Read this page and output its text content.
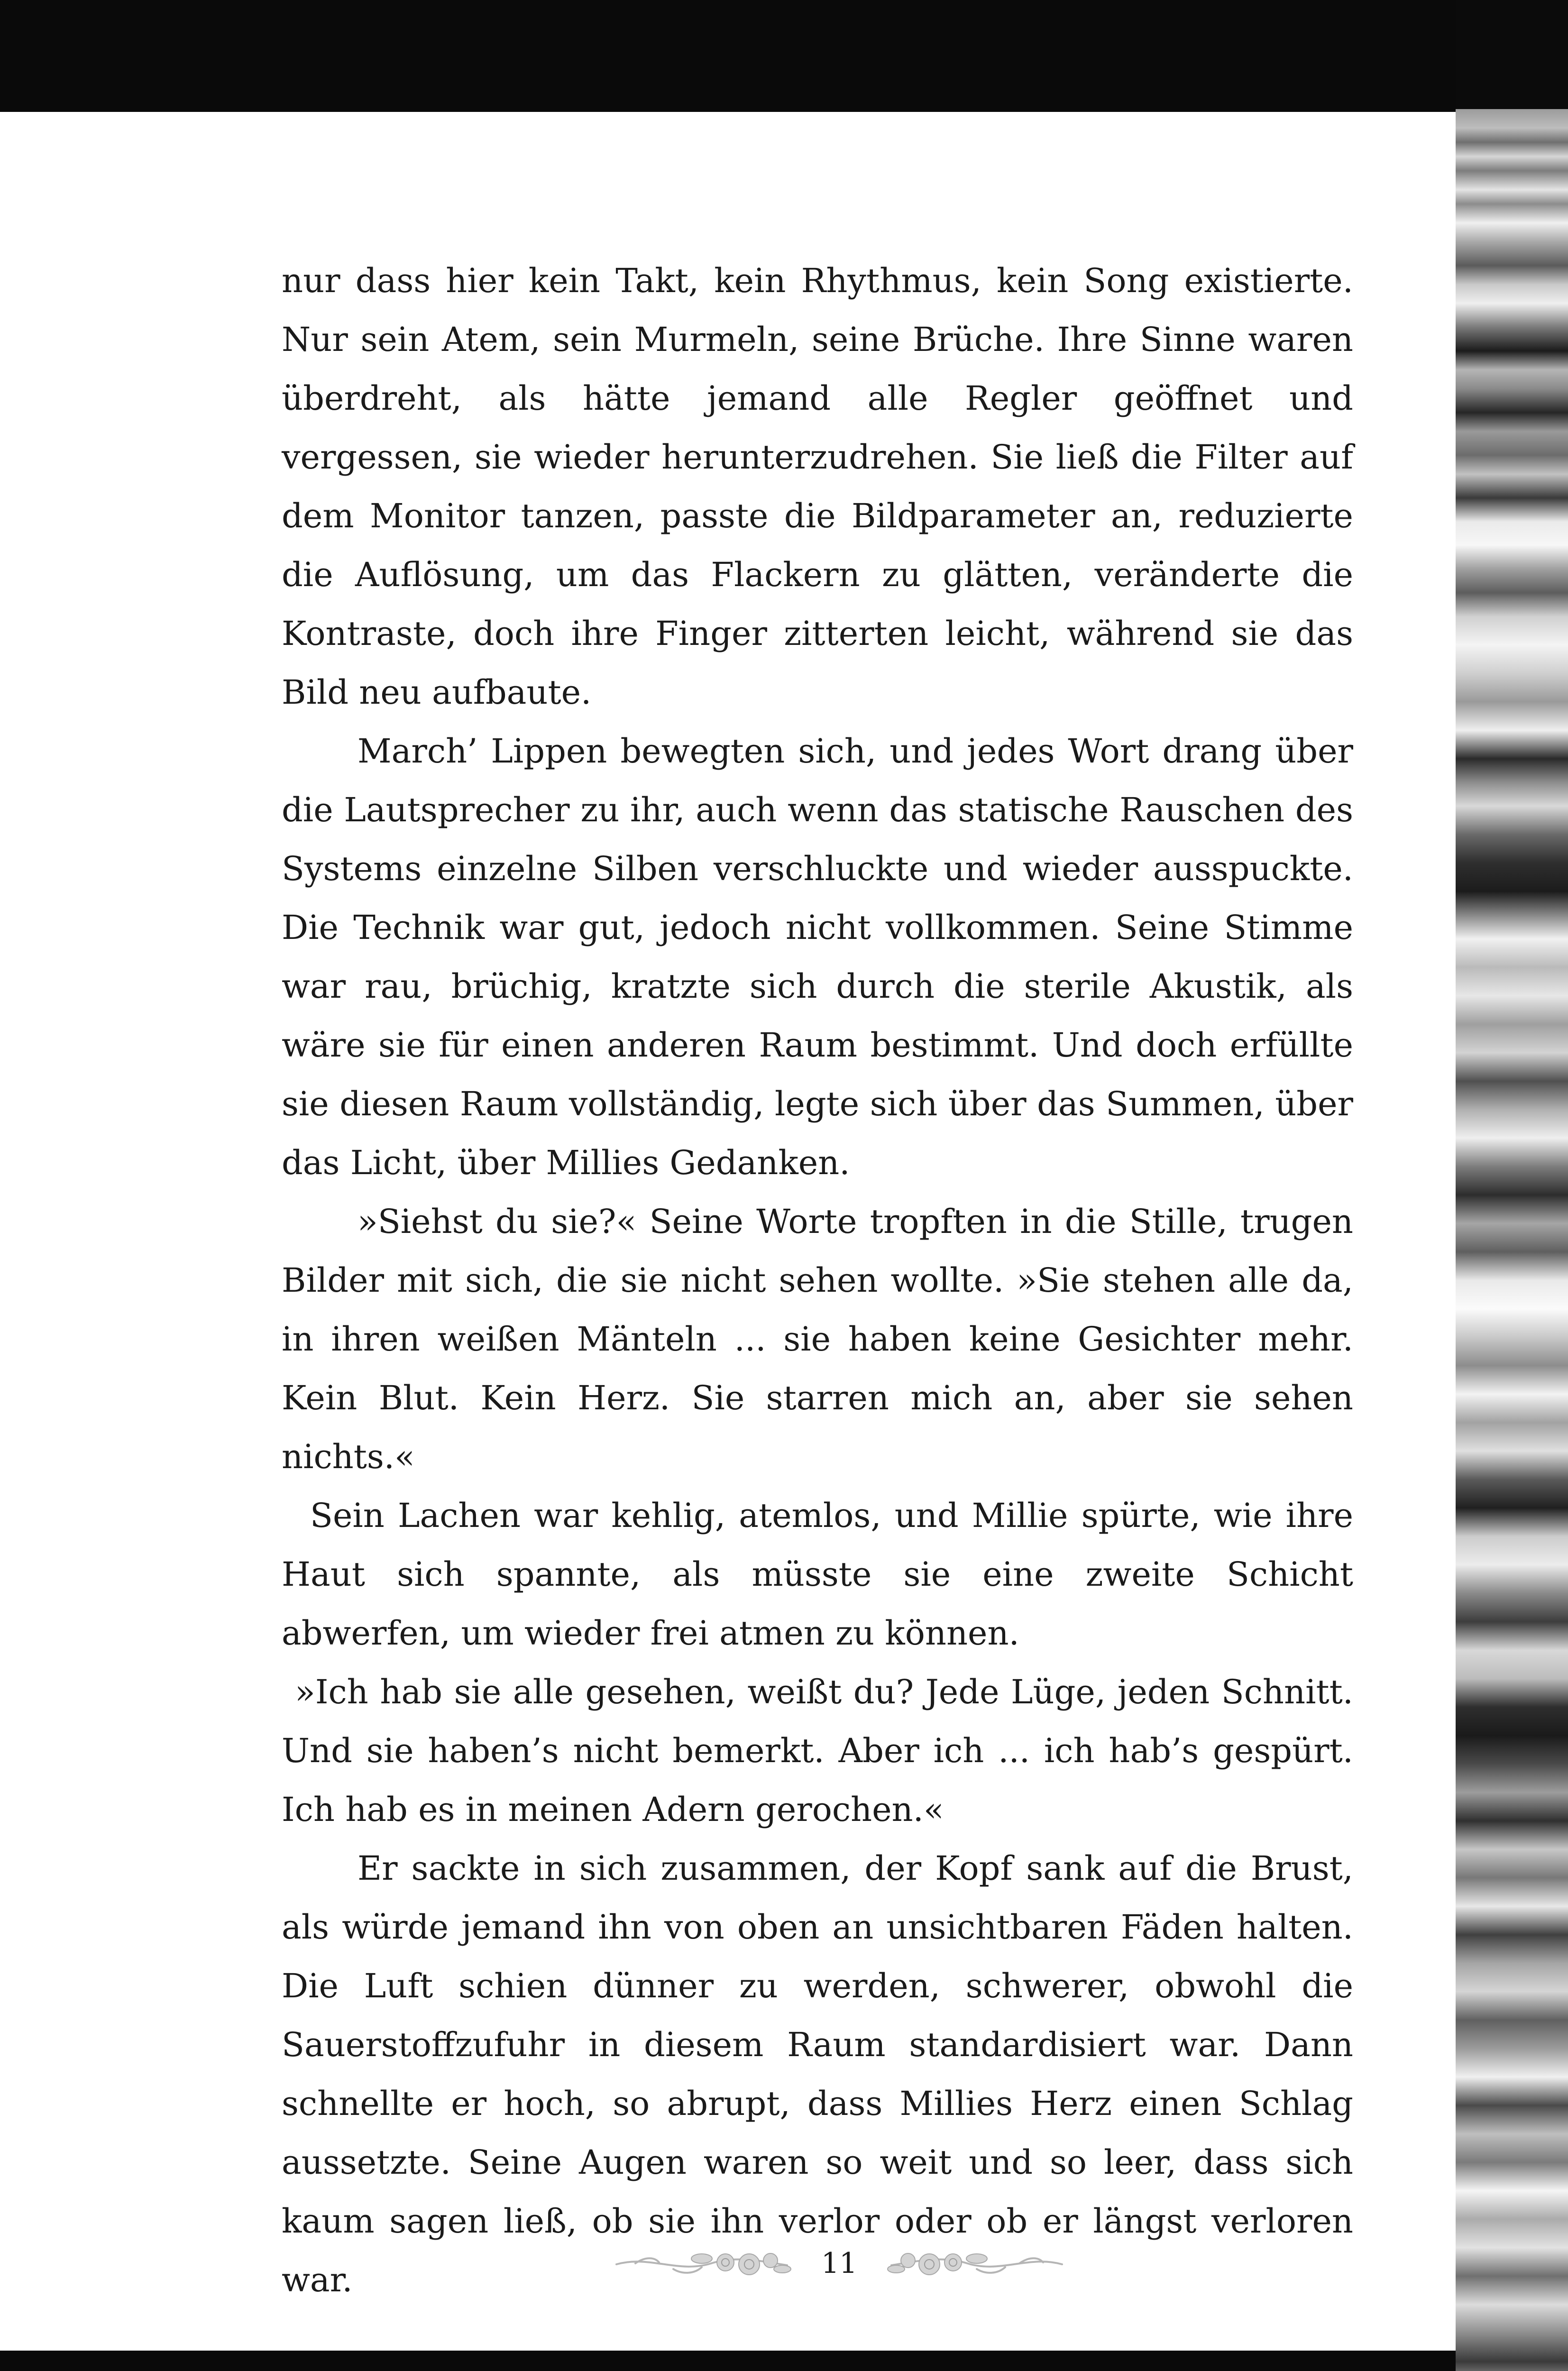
nur dass hier kein Takt, kein Rhythmus, kein Song existierte. Nur sein Atem, sein Murmeln, seine Brüche. Ihre Sinne waren überdreht, als hätte jemand alle Regler geöffnet und vergessen, sie wieder herunterzudrehen. Sie ließ die Filter auf dem Monitor tanzen, passte die Bildparameter an, reduzierte die Auflösung, um das Flackern zu glätten, veränderte die Kontraste, doch ihre Finger zitterten leicht, während sie das Bild neu aufbaute.

March’ Lippen bewegten sich, und jedes Wort drang über die Lautsprecher zu ihr, auch wenn das statische Rauschen des Systems einzelne Silben verschluckte und wieder ausspuckte. Die Technik war gut, jedoch nicht vollkommen. Seine Stimme war rau, brüchig, kratzte sich durch die sterile Akustik, als wäre sie für einen anderen Raum bestimmt. Und doch erfüllte sie diesen Raum vollständig, legte sich über das Summen, über das Licht, über Millies Gedanken.

»Siehst du sie?« Seine Worte tropften in die Stille, trugen Bilder mit sich, die sie nicht sehen wollte. »Sie stehen alle da, in ihren weißen Mänteln ... sie haben keine Gesichter mehr. Kein Blut. Kein Herz. Sie starren mich an, aber sie sehen nichts.«

Sein Lachen war kehlig, atemlos, und Millie spürte, wie ihre Haut sich spannte, als müsste sie eine zweite Schicht abwerfen, um wieder frei atmen zu können.

»Ich hab sie alle gesehen, weißt du? Jede Lüge, jeden Schnitt. Und sie haben’s nicht bemerkt. Aber ich ... ich hab’s gespürt. Ich hab es in meinen Adern gerochen.«

Er sackte in sich zusammen, der Kopf sank auf die Brust, als würde jemand ihn von oben an unsichtbaren Fäden halten. Die Luft schien dünner zu werden, schwerer, obwohl die Sauerstoffzufuhr in diesem Raum standardisiert war. Dann schnellte er hoch, so abrupt, dass Millies Herz einen Schlag aussetzte. Seine Augen waren so weit und so leer, dass sich kaum sagen ließ, ob sie ihn verlor oder ob er längst verloren war.	11
